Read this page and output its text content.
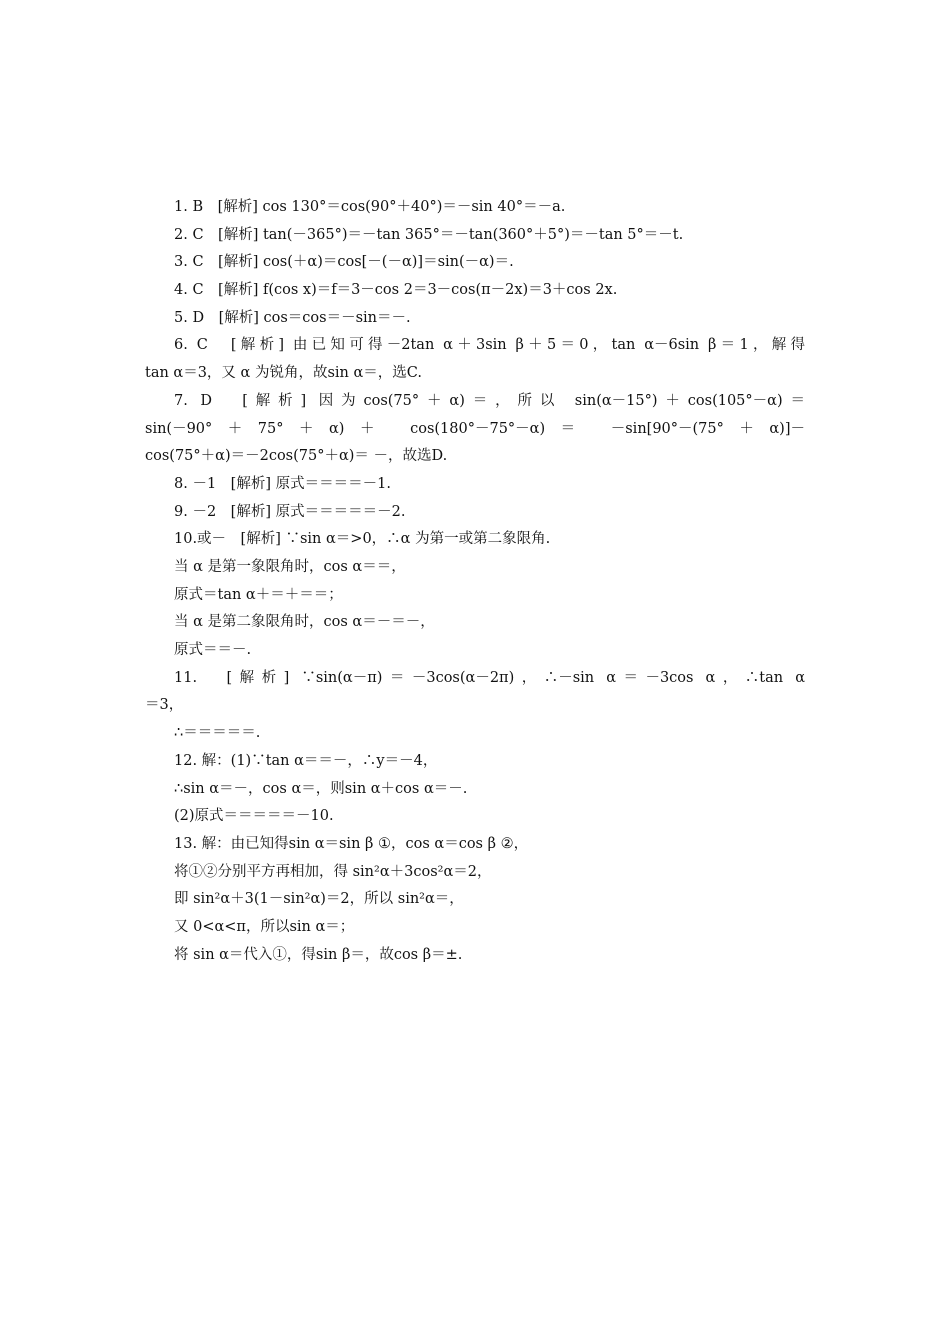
1. B　[解析] cos 130°＝cos(90°＋40°)＝－sin 40°＝－a.
2. C　[解析] tan(－365°)＝－tan 365°＝－tan(360°＋5°)＝－tan 5°＝－t.
3. C　[解析] cos(＋α)＝cos[－(－α)]＝sin(－α)＝.
4. C　[解析] f(cos x)＝f＝3－cos 2＝3－cos(π－2x)＝3＋cos 2x.
5. D　[解析] cos＝cos＝－sin＝－.
6. C　[解析] 由已知可得－2tan α＋3sin β＋5＝0，tan α－6sin β＝1，解得
tan α＝3，又 α 为锐角，故sin α＝，选C.
7. D　[解析] 因为cos(75°＋α)＝，所以 sin(α－15°)＋cos(105°－α)＝
sin(－90°＋75°＋α)＋ cos(180°－75°－α)＝ －sin[90°－(75°＋α)]－
cos(75°＋α)＝－2cos(75°＋α)＝ －，故选D.
8. －1　[解析] 原式＝＝＝＝－1.
9. －2　[解析] 原式＝＝＝＝＝－2.
10.或－　[解析] ∵sin α＝>0，∴α 为第一或第二象限角.
当 α 是第一象限角时，cos α＝＝，
原式＝tan α＋＝＋＝＝；
当 α 是第二象限角时，cos α＝－＝－，
原式＝＝－.
11.　[解析] ∵sin(α－π)＝－3cos(α－2π)，∴－sin α＝－3cos α，∴tan α
＝3，
∴＝＝＝＝＝.
12. 解：(1)∵tan α＝＝－，∴y＝－4，
∴sin α＝－，cos α＝，则sin α＋cos α＝－.
(2)原式＝＝＝＝＝－10.
13. 解：由已知得sin α＝sin β ①，cos α＝cos β ②，
将①②分别平方再相加，得 sin²α＋3cos²α＝2，
即 sin²α＋3(1－sin²α)＝2，所以 sin²α＝，
又 0<α<π，所以sin α＝；
将 sin α＝代入①，得sin β＝，故cos β＝±.
